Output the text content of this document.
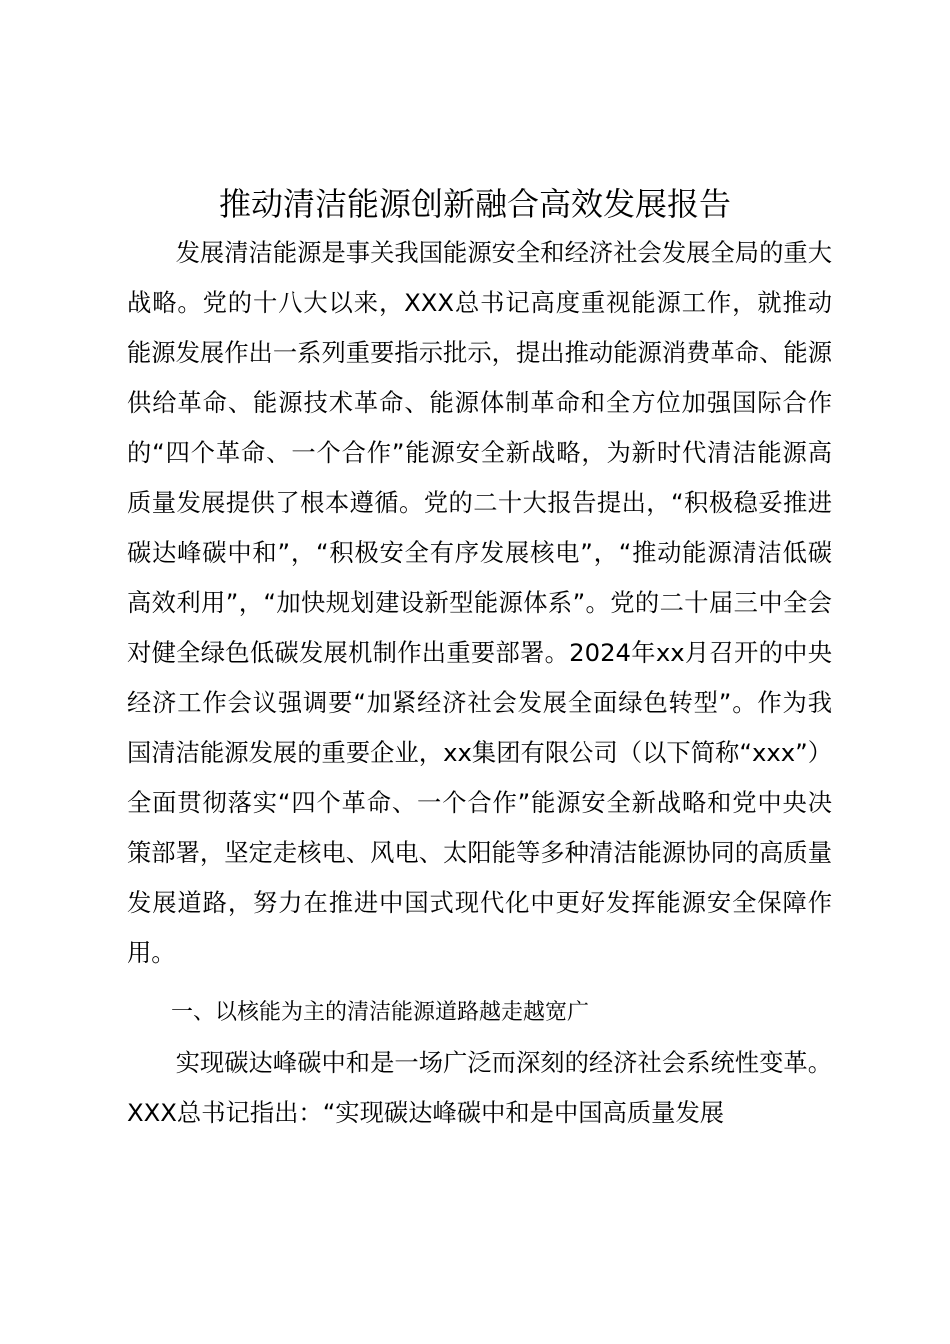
推动清洁能源创新融合高效发展报告

发展清洁能源是事关我国能源安全和经济社会发展全局的重大战略。党的十八大以来，XXX总书记高度重视能源工作，就推动能源发展作出一系列重要指示批示，提出推动能源消费革命、能源供给革命、能源技术革命、能源体制革命和全方位加强国际合作的“四个革命、一个合作”能源安全新战略，为新时代清洁能源高质量发展提供了根本遵循。党的二十大报告提出，“积极稳妥推进碳达峰碳中和”，“积极安全有序发展核电”，“推动能源清洁低碳高效利用”，“加快规划建设新型能源体系”。党的二十届三中全会对健全绿色低碳发展机制作出重要部署。2024年xx月召开的中央经济工作会议强调要“加紧经济社会发展全面绿色转型”。作为我国清洁能源发展的重要企业，xx集团有限公司（以下简称“xxx”）全面贯彻落实“四个革命、一个合作”能源安全新战略和党中央决策部署，坚定走核电、风电、太阳能等多种清洁能源协同的高质量发展道路，努力在推进中国式现代化中更好发挥能源安全保障作用。

一、以核能为主的清洁能源道路越走越宽广

实现碳达峰碳中和是一场广泛而深刻的经济社会系统性变革。XXX总书记指出：“实现碳达峰碳中和是中国高质量发展
